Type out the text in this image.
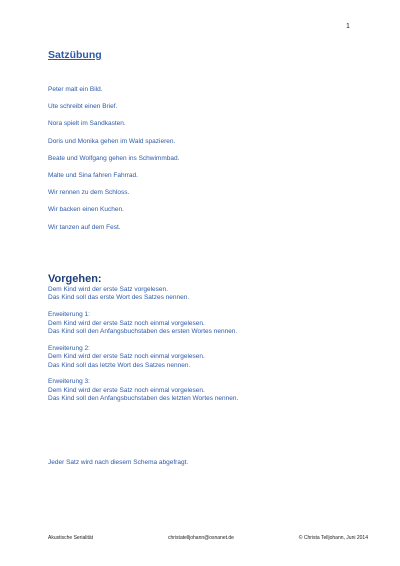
1
Satzübung
Peter malt ein Bild.
Ute schreibt einen Brief.
Nora spielt im Sandkasten.
Doris und Monika gehen im Wald spazieren.
Beate und Wolfgang gehen ins Schwimmbad.
Malte und Sina fahren Fahrrad.
Wir rennen zu dem Schloss.
Wir backen einen Kuchen.
Wir tanzen auf dem Fest.
Vorgehen:
Dem Kind wird der erste Satz vorgelesen.
Das Kind soll das erste Wort des Satzes nennen.
Erweiterung 1:
Dem Kind wird der erste Satz noch einmal vorgelesen.
Das Kind soll den Anfangsbuchstaben des ersten Wortes nennen.
Erweiterung 2:
Dem Kind wird der erste Satz noch einmal vorgelesen.
Das Kind soll das letzte Wort des Satzes nennen.
Erweiterung 3:
Dem Kind wird der erste Satz noch einmal vorgelesen.
Das Kind soll den Anfangsbuchstaben des letzten Wortes nennen.
Jeder Satz wird nach diesem Schema abgefragt.
Akustische Serialität	christatelljohann@osnanet.de	© Christa Telljohann, Juni 2014
